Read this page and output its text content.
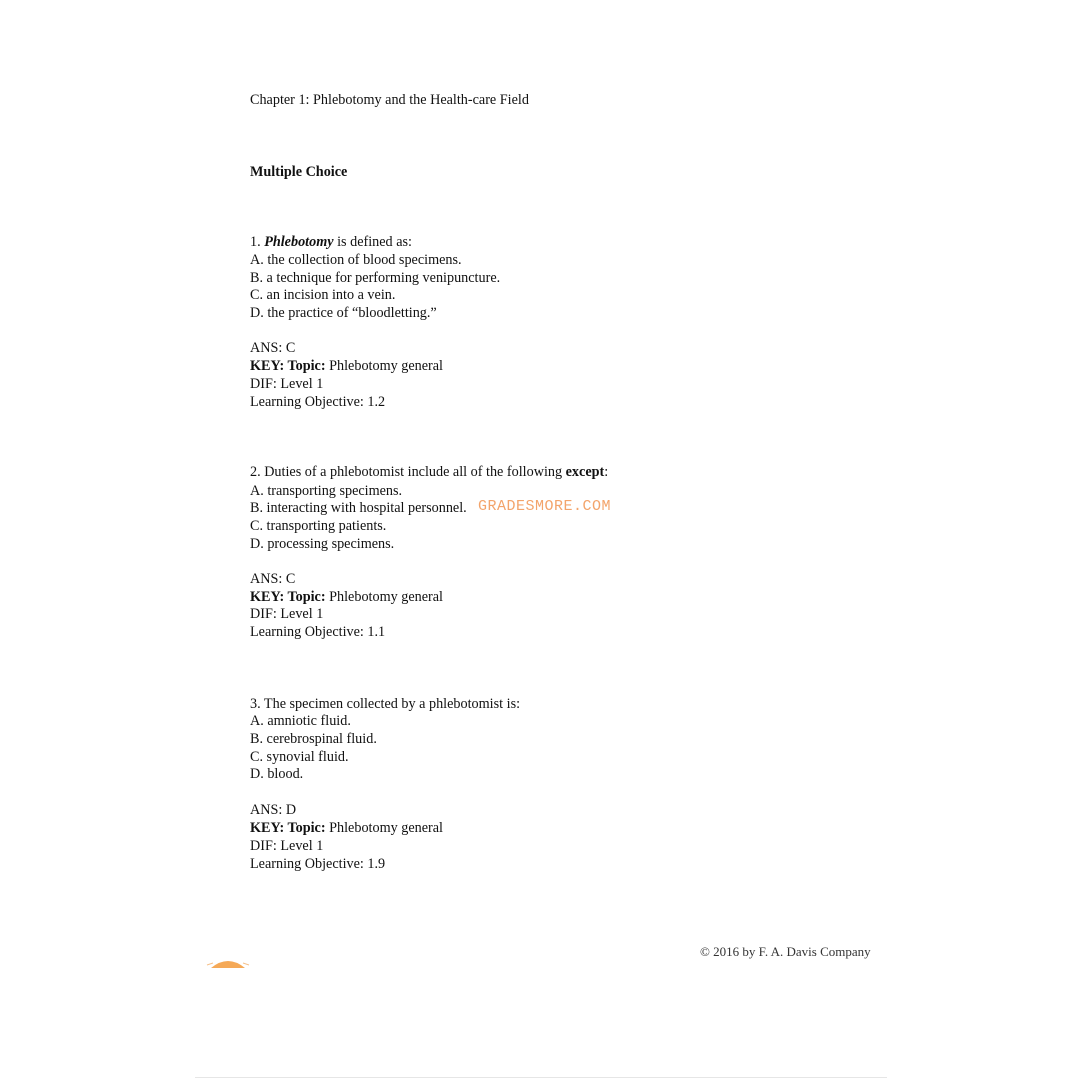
Chapter 1: Phlebotomy and the Health-care Field
Multiple Choice
1. Phlebotomy is defined as:
A. the collection of blood specimens.
B. a technique for performing venipuncture.
C. an incision into a vein.
D. the practice of “bloodletting.”
ANS: C
KEY: Topic: Phlebotomy general
DIF: Level 1
Learning Objective: 1.2
2. Duties of a phlebotomist include all of the following except:
A. transporting specimens.
B. interacting with hospital personnel.
C. transporting patients.
D. processing specimens.
ANS: C
KEY: Topic: Phlebotomy general
DIF: Level 1
Learning Objective: 1.1
3. The specimen collected by a phlebotomist is:
A. amniotic fluid.
B. cerebrospinal fluid.
C. synovial fluid.
D. blood.
ANS: D
KEY: Topic: Phlebotomy general
DIF: Level 1
Learning Objective: 1.9
GRADESMORE.COM
© 2016 by F. A. Davis Company
